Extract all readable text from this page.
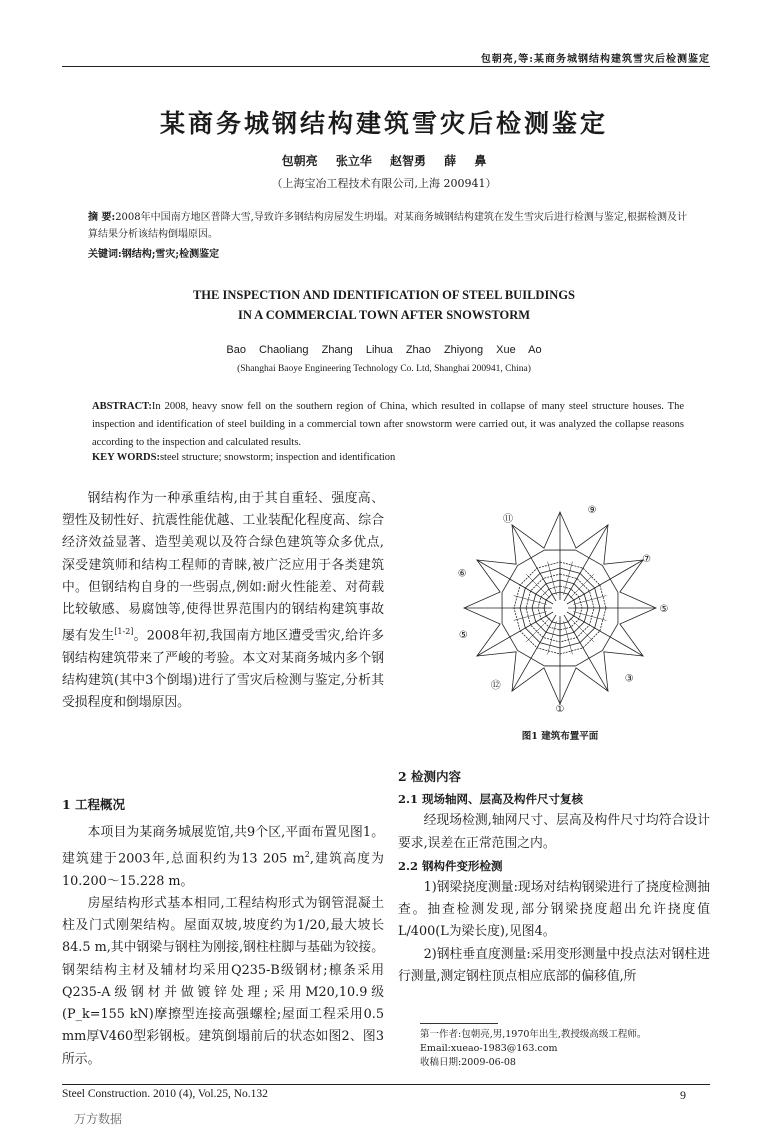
包朝亮,等:某商务城钢结构建筑雪灾后检测鉴定
某商务城钢结构建筑雪灾后检测鉴定
包朝亮 张立华 赵智勇 薛 鼻
（上海宝冶工程技术有限公司,上海 200941）
摘 要:2008年中国南方地区普降大雪,导致许多钢结构房屋发生坍塌。对某商务城钢结构建筑在发生雪灾后进行检测与鉴定,根据检测及计算结果分析该结构倒塌原因。
关键词:钢结构;雪灾;检测鉴定
THE INSPECTION AND IDENTIFICATION OF STEEL BUILDINGS
IN A COMMERCIAL TOWN AFTER SNOWSTORM
Bao Chaoliang Zhang Lihua Zhao Zhiyong Xue Ao
(Shanghai Baoye Engineering Technology Co. Ltd, Shanghai 200941, China)
ABSTRACT:In 2008, heavy snow fell on the southern region of China, which resulted in collapse of many steel structure houses. The inspection and identification of steel building in a commercial town after snowstorm were carried out, it was analyzed the collapse reasons according to the inspection and calculated results.
KEY WORDS:steel structure; snowstorm; inspection and identification

钢结构作为一种承重结构,由于其自重轻、强度高、塑性及韧性好、抗震性能优越、工业装配化程度高、综合经济效益显著、造型美观以及符合绿色建筑等众多优点,深受建筑师和结构工程师的青睐,被广泛应用于各类建筑中。但钢结构自身的一些弱点,例如:耐火性能差、对荷载比较敏感、易腐蚀等,使得世界范围内的钢结构建筑事故屡有发生[1-2]。2008年初,我国南方地区遭受雪灾,给许多钢结构建筑带来了严峻的考验。本文对某商务城内多个钢结构建筑(其中3个倒塌)进行了雪灾后检测与鉴定,分析其受损程度和倒塌原因。

⑪
⑨
⑦
⑥
⑤
⑤
③
⑫
①
图1 建筑布置平面
1 工程概况

本项目为某商务城展览馆,共9个区,平面布置见图1。建筑建于2003年,总面积约为13 205 $m^2$,建筑高度为10.200～15.228 m。

房屋结构形式基本相同,工程结构形式为钢管混凝土柱及门式刚架结构。屋面双坡,坡度约为1/20,最大坡长84.5 m,其中钢梁与钢柱为刚接,钢柱柱脚与基础为铰接。钢架结构主材及辅材均采用Q235-B级钢材;檩条采用Q235-A级钢材并做镀锌处理;采用M20,10.9级(P_k=155 kN)摩擦型连接高强螺栓;屋面工程采用0.5 mm厚V460型彩钢板。建筑倒塌前后的状态如图2、图3所示。

2 检测内容
2.1 现场轴网、层高及构件尺寸复核

经现场检测,轴网尺寸、层高及构件尺寸均符合设计要求,误差在正常范围之内。

2.2 钢构件变形检测

1)钢梁挠度测量:现场对结构钢梁进行了挠度检测抽查。抽查检测发现,部分钢梁挠度超出允许挠度值L/400(L为梁长度),见图4。

2)钢柱垂直度测量:采用变形测量中投点法对钢柱进行测量,测定钢柱顶点相应底部的偏移值,所

第一作者:包朝亮,男,1970年出生,教授级高级工程师。
Email:xueao-1983@163.com
收稿日期:2009-06-08
Steel Construction. 2010 (4), Vol.25, No.132	9
万方数据
